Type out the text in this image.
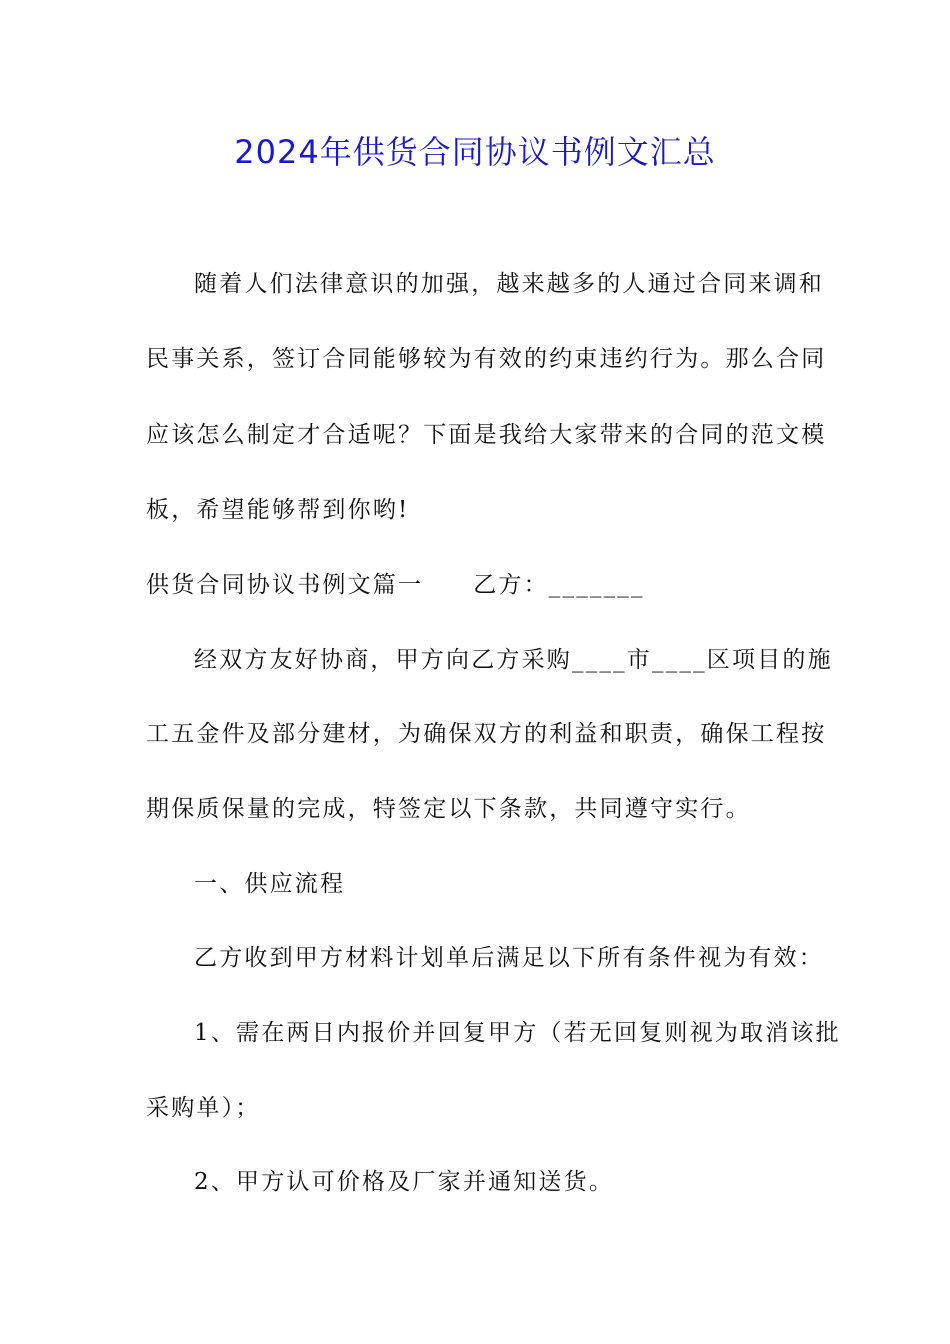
2024年供货合同协议书例文汇总
随着人们法律意识的加强，越来越多的人通过合同来调和
民事关系，签订合同能够较为有效的约束违约行为。那么合同
应该怎么制定才合适呢？下面是我给大家带来的合同的范文模
板，希望能够帮到你哟!
供货合同协议书例文篇一 乙方：_______
经双方友好协商，甲方向乙方采购____市____区项目的施
工五金件及部分建材，为确保双方的利益和职责，确保工程按
期保质保量的完成，特签定以下条款，共同遵守实行。
一、供应流程
乙方收到甲方材料计划单后满足以下所有条件视为有效：
1、需在两日内报价并回复甲方（若无回复则视为取消该批
采购单）；
2、甲方认可价格及厂家并通知送货。
